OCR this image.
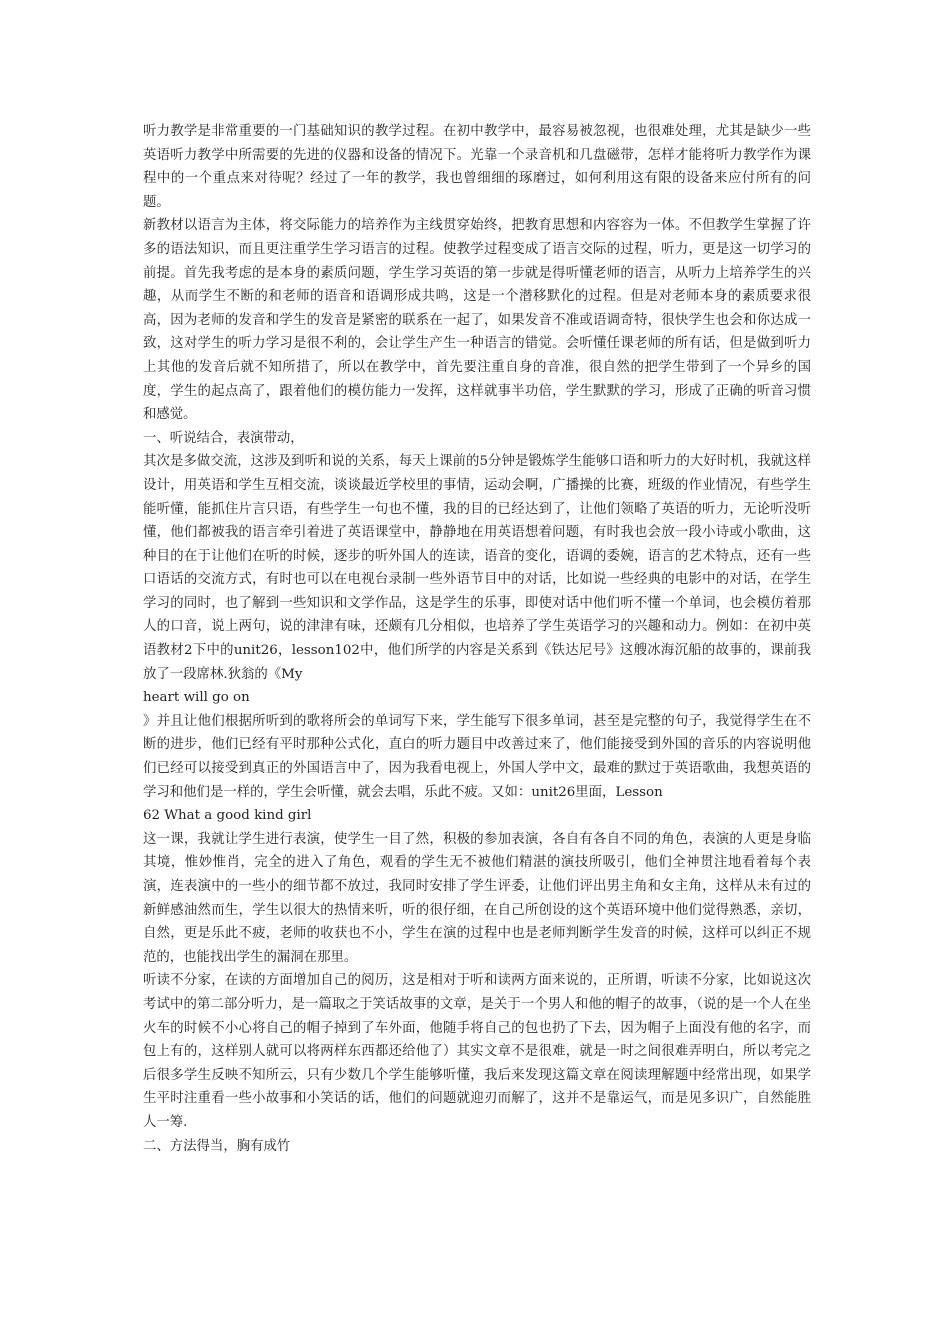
听力教学是非常重要的一门基础知识的教学过程。在初中教学中，最容易被忽视，也很难处理，尤其是缺少一些英语听力教学中所需要的先进的仪器和设备的情况下。光靠一个录音机和几盘磁带，怎样才能将听力教学作为课程中的一个重点来对待呢？经过了一年的教学，我也曾细细的琢磨过，如何利用这有限的设备来应付所有的问题。

新教材以语言为主体，将交际能力的培养作为主线贯穿始终，把教育思想和内容容为一体。不但教学生掌握了许多的语法知识，而且更注重学生学习语言的过程。使教学过程变成了语言交际的过程，听力，更是这一切学习的前提。首先我考虑的是本身的素质问题，学生学习英语的第一步就是得听懂老师的语言，从听力上培养学生的兴趣，从而学生不断的和老师的语音和语调形成共鸣，这是一个潜移默化的过程。但是对老师本身的素质要求很高，因为老师的发音和学生的发音是紧密的联系在一起了，如果发音不准或语调奇特，很快学生也会和你达成一致，这对学生的听力学习是很不利的，会让学生产生一种语言的错觉。会听懂任课老师的所有话，但是做到听力上其他的发音后就不知所措了，所以在教学中，首先要注重自身的音准，很自然的把学生带到了一个异乡的国度，学生的起点高了，跟着他们的模仿能力一发挥，这样就事半功倍，学生默默的学习，形成了正确的听音习惯和感觉。

一、听说结合，表演带动，

其次是多做交流，这涉及到听和说的关系，每天上课前的5分钟是锻炼学生能够口语和听力的大好时机，我就这样设计，用英语和学生互相交流，谈谈最近学校里的事情，运动会啊，广播操的比赛，班级的作业情况，有些学生能听懂，能抓住片言只语，有些学生一句也不懂，我的目的已经达到了，让他们领略了英语的听力，无论听没听懂，他们都被我的语言牵引着进了英语课堂中，静静地在用英语想着问题，有时我也会放一段小诗或小歌曲，这种目的在于让他们在听的时候，逐步的听外国人的连读，语音的变化，语调的委婉，语言的艺术特点，还有一些口语话的交流方式，有时也可以在电视台录制一些外语节目中的对话，比如说一些经典的电影中的对话，在学生学习的同时，也了解到一些知识和文学作品，这是学生的乐事，即使对话中他们听不懂一个单词，也会模仿着那人的口音，说上两句，说的津津有味，还颇有几分相似，也培养了学生英语学习的兴趣和动力。例如：在初中英语教材2下中的unit26，lesson102中，他们所学的内容是关系到《铁达尼号》这艘冰海沉船的故事的，课前我放了一段席林.狄翁的《My

heart will go on

》并且让他们根据所听到的歌将所会的单词写下来，学生能写下很多单词，甚至是完整的句子，我觉得学生在不断的进步，他们已经有平时那种公式化，直白的听力题目中改善过来了，他们能接受到外国的音乐的内容说明他们已经可以接受到真正的外国语言中了，因为我看电视上，外国人学中文，最难的默过于英语歌曲，我想英语的学习和他们是一样的，学生会听懂，就会去唱，乐此不疲。又如：unit26里面，Lesson

62 What a good kind girl

这一课，我就让学生进行表演，使学生一目了然，积极的参加表演，各自有各自不同的角色，表演的人更是身临其境，惟妙惟肖，完全的进入了角色，观看的学生无不被他们精湛的演技所吸引，他们全神贯注地看着每个表演，连表演中的一些小的细节都不放过，我同时安排了学生评委，让他们评出男主角和女主角，这样从未有过的新鲜感油然而生，学生以很大的热情来听，听的很仔细，在自己所创设的这个英语环境中他们觉得熟悉，亲切，自然，更是乐此不疲，老师的收获也不小，学生在演的过程中也是老师判断学生发音的时候，这样可以纠正不规范的，也能找出学生的漏洞在那里。

听读不分家，在读的方面增加自己的阅历，这是相对于听和读两方面来说的，正所谓，听读不分家，比如说这次考试中的第二部分听力，是一篇取之于笑话故事的文章，是关于一个男人和他的帽子的故事，（说的是一个人在坐火车的时候不小心将自己的帽子掉到了车外面，他随手将自己的包也扔了下去，因为帽子上面没有他的名字，而包上有的，这样别人就可以将两样东西都还给他了）其实文章不是很难，就是一时之间很难弄明白，所以考完之后很多学生反映不知所云，只有少数几个学生能够听懂，我后来发现这篇文章在阅读理解题中经常出现，如果学生平时注重看一些小故事和小笑话的话，他们的问题就迎刃而解了，这并不是靠运气，而是见多识广，自然能胜人一筹.

二、方法得当，胸有成竹
